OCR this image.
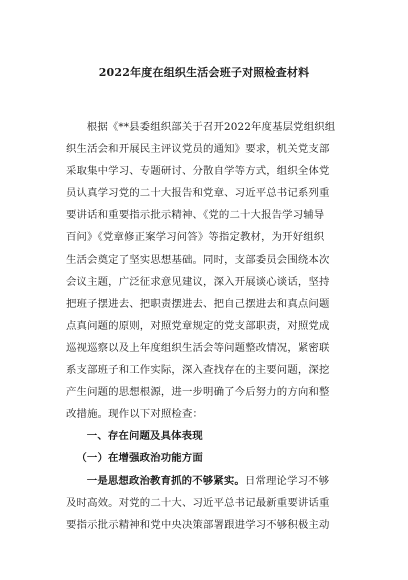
2022年度在组织生活会班子对照检查材料
根据《**县委组织部关于召开2022年度基层党组织组
织生活会和开展民主评议党员的通知》要求，机关党支部
采取集中学习、专题研讨、分散自学等方式，组织全体党
员认真学习党的二十大报告和党章、习近平总书记系列重
要讲话和重要指示批示精神、《党的二十大报告学习辅导
百问》《党章修正案学习问答》等指定教材，为开好组织
生活会奠定了坚实思想基础。同时，支部委员会围绕本次
会议主题，广泛征求意见建议，深入开展谈心谈话，坚持
把班子摆进去、把职责摆进去、把自己摆进去和真点问题
点真问题的原则，对照党章规定的党支部职责，对照党成
巡视巡察以及上年度组织生活会等问题整改情况，紧密联
系支部班子和工作实际，深入查找存在的主要问题，深挖
产生问题的思想根源，进一步明确了今后努力的方向和整
改措施。现作以下对照检查：
一、存在问题及具体表现
（一）在增强政治功能方面
一是思想政治教育抓的不够紧实。日常理论学习不够
及时高效。对党的二十大、习近平总书记最新重要讲话重
要指示批示精神和党中央决策部署跟进学习不够积极主动
